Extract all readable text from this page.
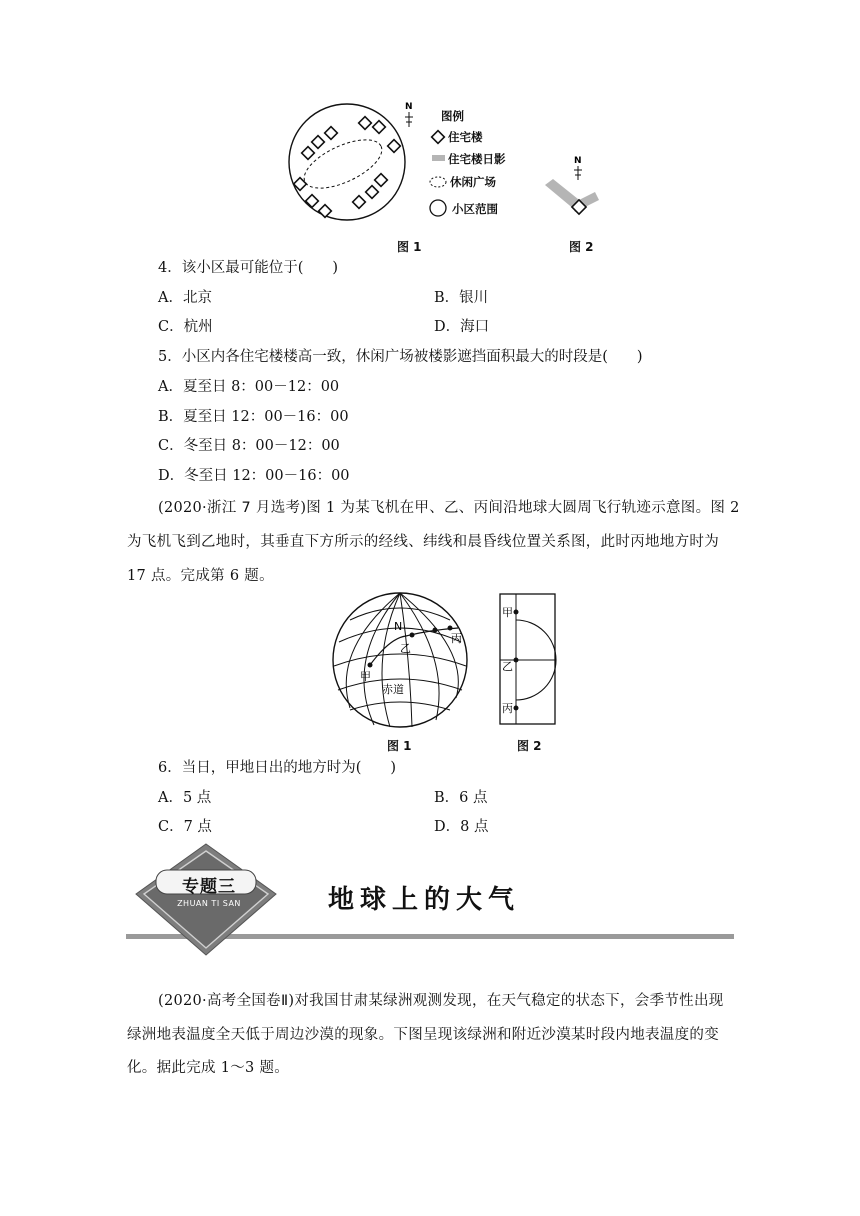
N
N
图例
住宅楼
住宅楼日影
休闲广场
小区范围
图 1	图 2
4．该小区最可能位于(　　)
A．北京	B．银川
C．杭州	D．海口
5．小区内各住宅楼楼高一致，休闲广场被楼影遮挡面积最大的时段是(　　)
A．夏至日 8：00－12：00
B．夏至日 12：00－16：00
C．冬至日 8：00－12：00
D．冬至日 12：00－16：00
(2020·浙江 7 月选考)图 1 为某飞机在甲、乙、丙间沿地球大圆周飞行轨迹示意图。图 2
为飞机飞到乙地时，其垂直下方所示的经线、纬线和晨昏线位置关系图，此时丙地地方时为
17 点。完成第 6 题。
N
甲
乙
丙
赤道
甲
乙
丙
图 1	图 2
6．当日，甲地日出的地方时为(　　)
A．5 点	B．6 点
C．7 点	D．8 点
专题三
ZHUAN TI SAN	地球上的大气
(2020·高考全国卷Ⅱ)对我国甘肃某绿洲观测发现，在天气稳定的状态下，会季节性出现
绿洲地表温度全天低于周边沙漠的现象。下图呈现该绿洲和附近沙漠某时段内地表温度的变
化。据此完成 1～3 题。
